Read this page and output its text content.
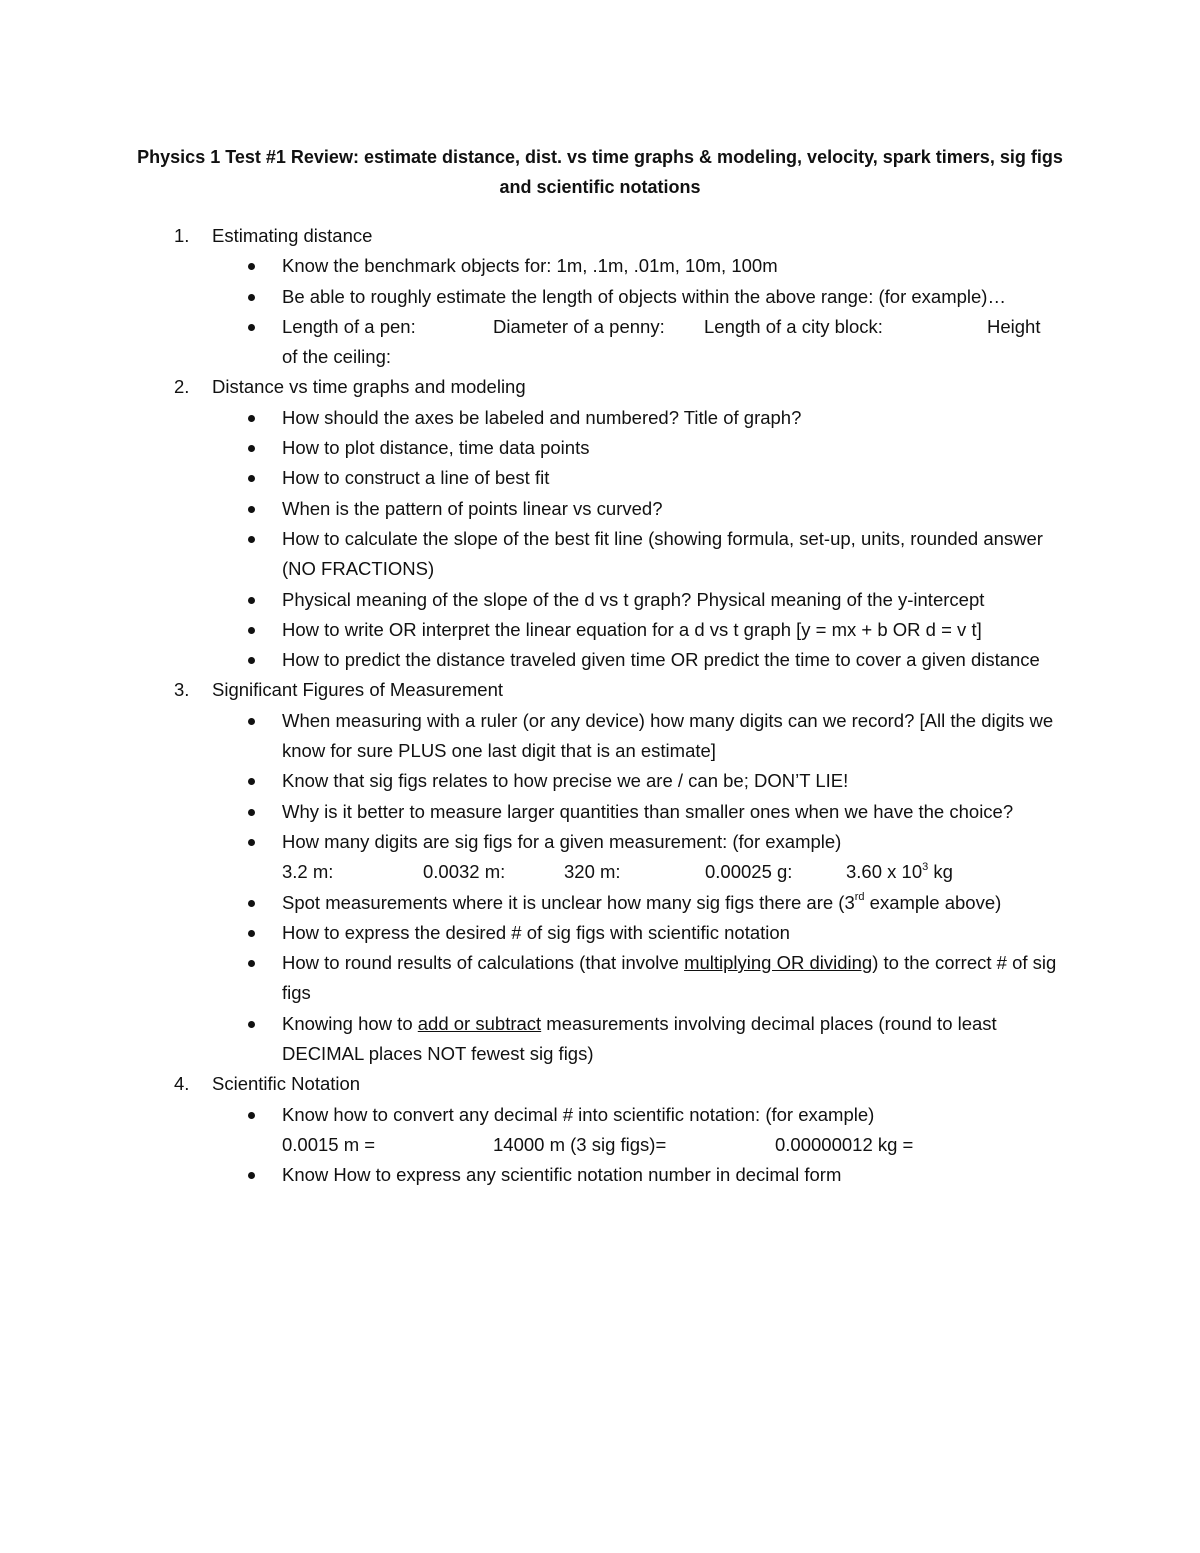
Physics 1 Test #1 Review: estimate distance, dist. vs time graphs & modeling, velocity, spark timers, sig figs and scientific notations
1. Estimating distance
Know the benchmark objects for: 1m, .1m, .01m, 10m, 100m
Be able to roughly estimate the length of objects within the above range: (for example)…
Length of a pen:	Diameter of a penny:	Length of a city block:	Height
of the ceiling:
2. Distance vs time graphs and modeling
How should the axes be labeled and numbered? Title of graph?
How to plot distance, time data points
How to construct a line of best fit
When is the pattern of points linear vs curved?
How to calculate the slope of the best fit line (showing formula, set-up, units, rounded answer (NO FRACTIONS)
Physical meaning of the slope of the d vs t graph? Physical meaning of the y-intercept
How to write OR interpret the linear equation for a d vs t graph [y = mx + b OR d = v t]
How to predict the distance traveled given time OR predict the time to cover a given distance
3. Significant Figures of Measurement
When measuring with a ruler (or any device) how many digits can we record? [All the digits we know for sure PLUS one last digit that is an estimate]
Know that sig figs relates to how precise we are / can be; DON’T LIE!
Why is it better to measure larger quantities than smaller ones when we have the choice?
How many digits are sig figs for a given measurement: (for example)
3.2 m:	0.0032 m:	320 m:	0.00025 g:	3.60 x $10^3$ kg
Spot measurements where it is unclear how many sig figs there are (3rd example above)
How to express the desired # of sig figs with scientific notation
How to round results of calculations (that involve multiplying OR dividing) to the correct # of sig figs
Knowing how to add or subtract measurements involving decimal places (round to least DECIMAL places NOT fewest sig figs)
4. Scientific Notation
Know how to convert any decimal # into scientific notation: (for example)
0.0015 m =	14000 m (3 sig figs)=	0.00000012 kg =
Know How to express any scientific notation number in decimal form
